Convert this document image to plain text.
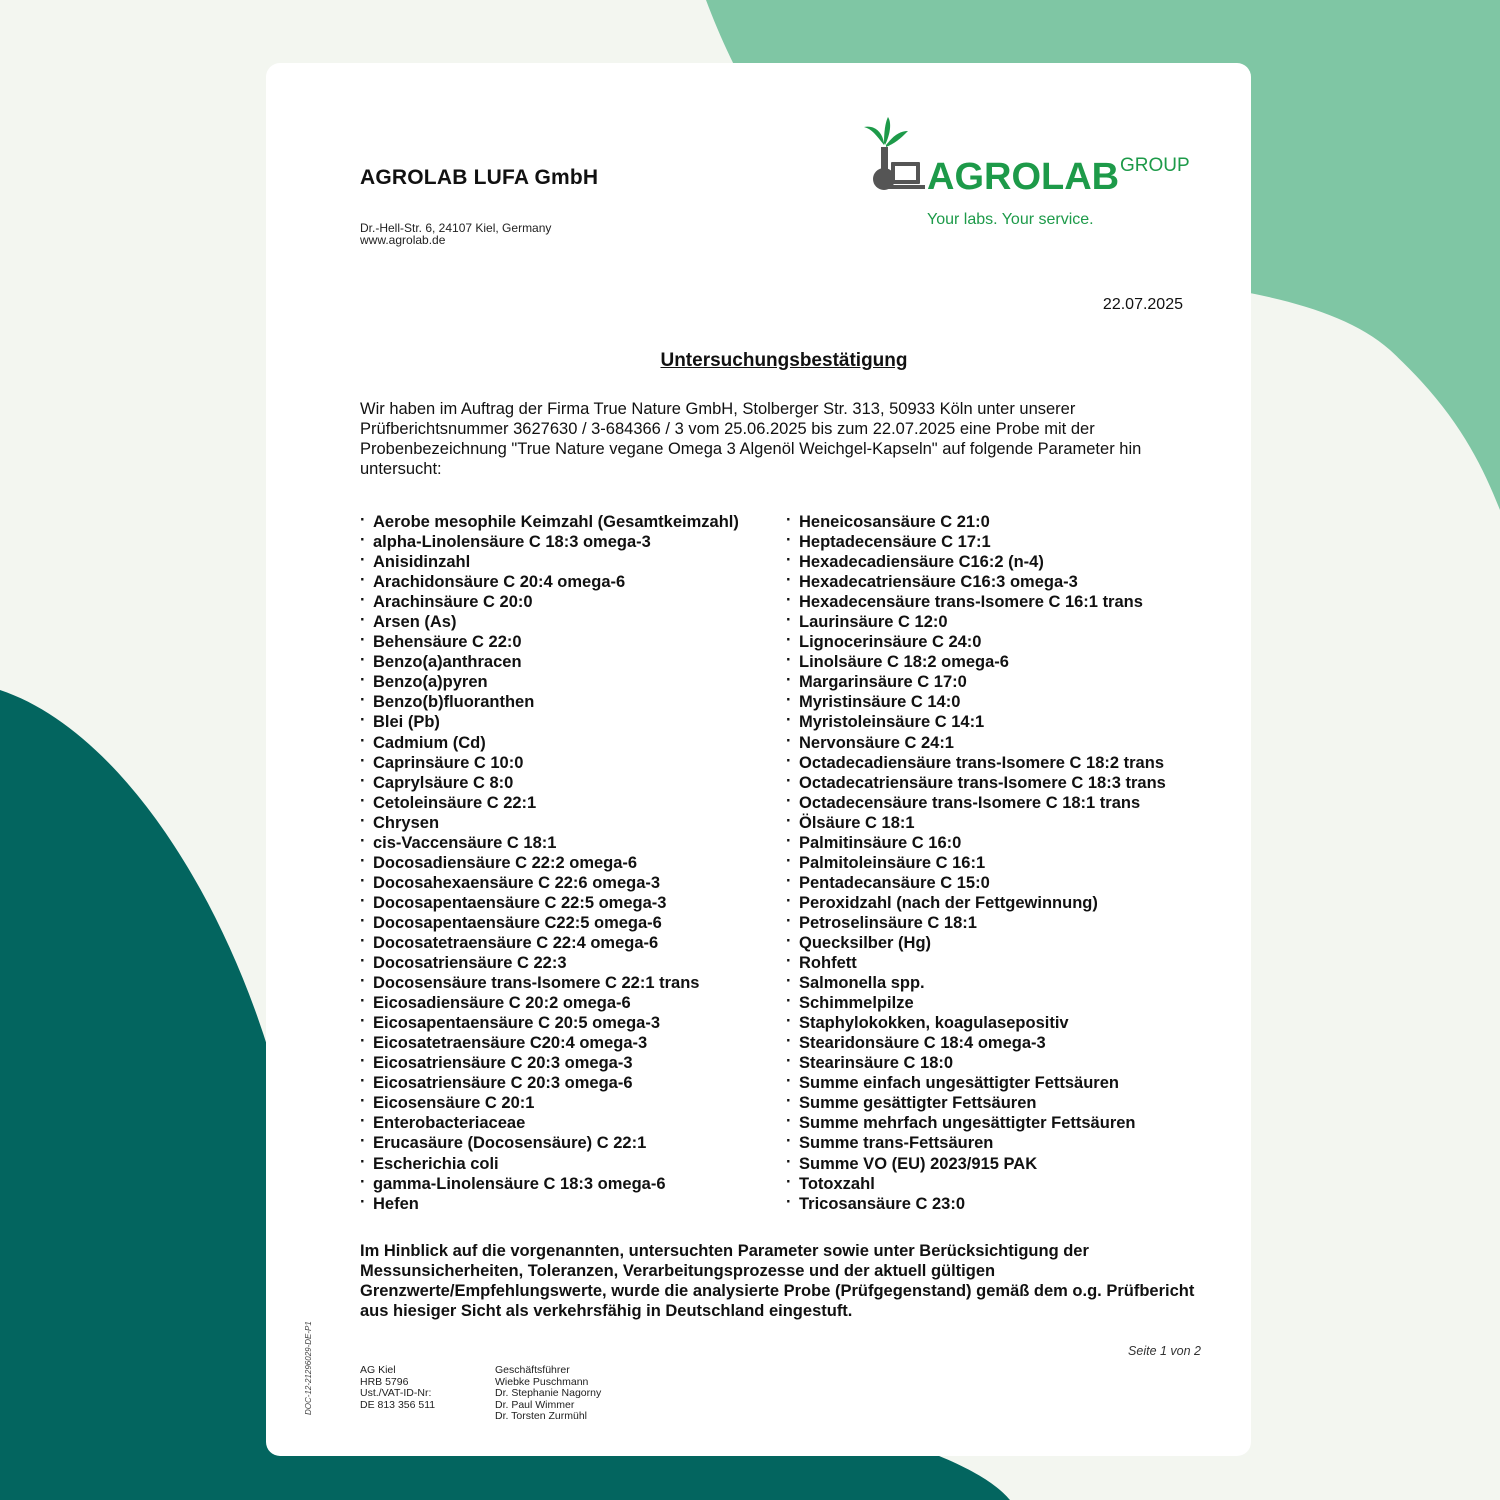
AGROLAB LUFA GmbH
Dr.-Hell-Str. 6, 24107 Kiel, Germany
www.agrolab.de
AGROLAB GROUP
Your labs. Your service.
22.07.2025
Untersuchungsbestätigung
Wir haben im Auftrag der Firma True Nature GmbH, Stolberger Str. 313, 50933 Köln unter unserer Prüfberichtsnummer 3627630 / 3-684366 / 3 vom 25.06.2025 bis zum 22.07.2025 eine Probe mit der Probenbezeichnung "True Nature vegane Omega 3 Algenöl Weichgel-Kapseln" auf folgende Parameter hin untersucht:
· Aerobe mesophile Keimzahl (Gesamtkeimzahl)
· alpha-Linolensäure C 18:3 omega-3
· Anisidinzahl
· Arachidonsäure C 20:4 omega-6
· Arachinsäure C 20:0
· Arsen (As)
· Behensäure C 22:0
· Benzo(a)anthracen
· Benzo(a)pyren
· Benzo(b)fluoranthen
· Blei (Pb)
· Cadmium (Cd)
· Caprinsäure C 10:0
· Caprylsäure C 8:0
· Cetoleinsäure C 22:1
· Chrysen
· cis-Vaccensäure C 18:1
· Docosadiensäure C 22:2 omega-6
· Docosahexaensäure C 22:6 omega-3
· Docosapentaensäure C 22:5 omega-3
· Docosapentaensäure C22:5 omega-6
· Docosatetraensäure C 22:4 omega-6
· Docosatriensäure C 22:3
· Docosensäure trans-Isomere C 22:1 trans
· Eicosadiensäure C 20:2 omega-6
· Eicosapentaensäure C 20:5 omega-3
· Eicosatetraensäure C20:4 omega-3
· Eicosatriensäure C 20:3 omega-3
· Eicosatriensäure C 20:3 omega-6
· Eicosensäure C 20:1
· Enterobacteriaceae
· Erucasäure (Docosensäure) C 22:1
· Escherichia coli
· gamma-Linolensäure C 18:3 omega-6
· Hefen
· Heneicosansäure C 21:0
· Heptadecensäure C 17:1
· Hexadecadiensäure C16:2 (n-4)
· Hexadecatriensäure C16:3 omega-3
· Hexadecensäure trans-Isomere C 16:1 trans
· Laurinsäure C 12:0
· Lignocerinsäure C 24:0
· Linolsäure C 18:2 omega-6
· Margarinsäure C 17:0
· Myristinsäure C 14:0
· Myristoleinsäure C 14:1
· Nervonsäure C 24:1
· Octadecadiensäure trans-Isomere C 18:2 trans
· Octadecatriensäure trans-Isomere C 18:3 trans
· Octadecensäure trans-Isomere C 18:1 trans
· Ölsäure C 18:1
· Palmitinsäure C 16:0
· Palmitoleinsäure C 16:1
· Pentadecansäure C 15:0
· Peroxidzahl (nach der Fettgewinnung)
· Petroselinsäure C 18:1
· Quecksilber (Hg)
· Rohfett
· Salmonella spp.
· Schimmelpilze
· Staphylokokken, koagulasepositiv
· Stearidonsäure C 18:4 omega-3
· Stearinsäure C 18:0
· Summe einfach ungesättigter Fettsäuren
· Summe gesättigter Fettsäuren
· Summe mehrfach ungesättigter Fettsäuren
· Summe trans-Fettsäuren
· Summe VO (EU) 2023/915 PAK
· Totoxzahl
· Tricosansäure C 23:0
Im Hinblick auf die vorgenannten, untersuchten Parameter sowie unter Berücksichtigung der Messunsicherheiten, Toleranzen, Verarbeitungsprozesse und der aktuell gültigen Grenzwerte/Empfehlungswerte, wurde die analysierte Probe (Prüfgegenstand) gemäß dem o.g. Prüfbericht aus hiesiger Sicht als verkehrsfähig in Deutschland eingestuft.
Seite 1 von 2
DOC-12-21296029-DE-P1	AG Kiel
HRB 5796
Ust./VAT-ID-Nr:
DE 813 356 511
Geschäftsführer
Wiebke Puschmann
Dr. Stephanie Nagorny
Dr. Paul Wimmer
Dr. Torsten Zurmühl
